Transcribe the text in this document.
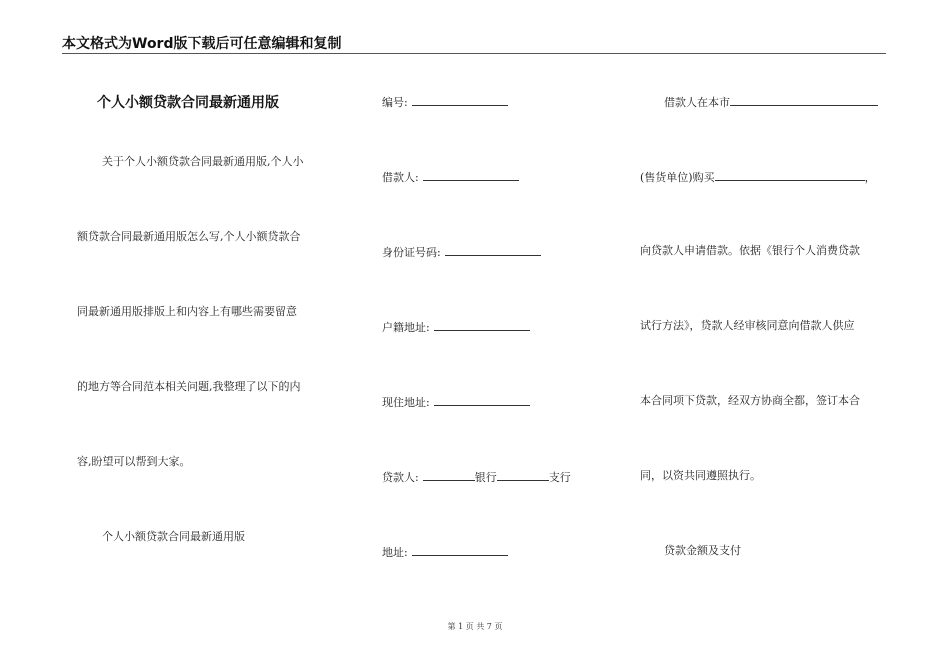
本文格式为Word版下载后可任意编辑和复制
个人小额贷款合同最新通用版
关于个人小额贷款合同最新通用版,个人小
额贷款合同最新通用版怎么写,个人小额贷款合
同最新通用版排版上和内容上有哪些需要留意
的地方等合同范本相关问题,我整理了以下的内
容,盼望可以帮到大家。
个人小额贷款合同最新通用版
编号:
借款人:
身份证号码:
户籍地址:
现住地址:
贷款人:	银行	支行
地址:
借款人在本市
(售货单位)购买	，
向贷款人申请借款。依据《银行个人消费贷款
试行方法》，贷款人经审核同意向借款人供应
本合同项下贷款，经双方协商全都，签订本合
同，以资共同遵照执行。
贷款金额及支付
第 1 页 共 7 页
